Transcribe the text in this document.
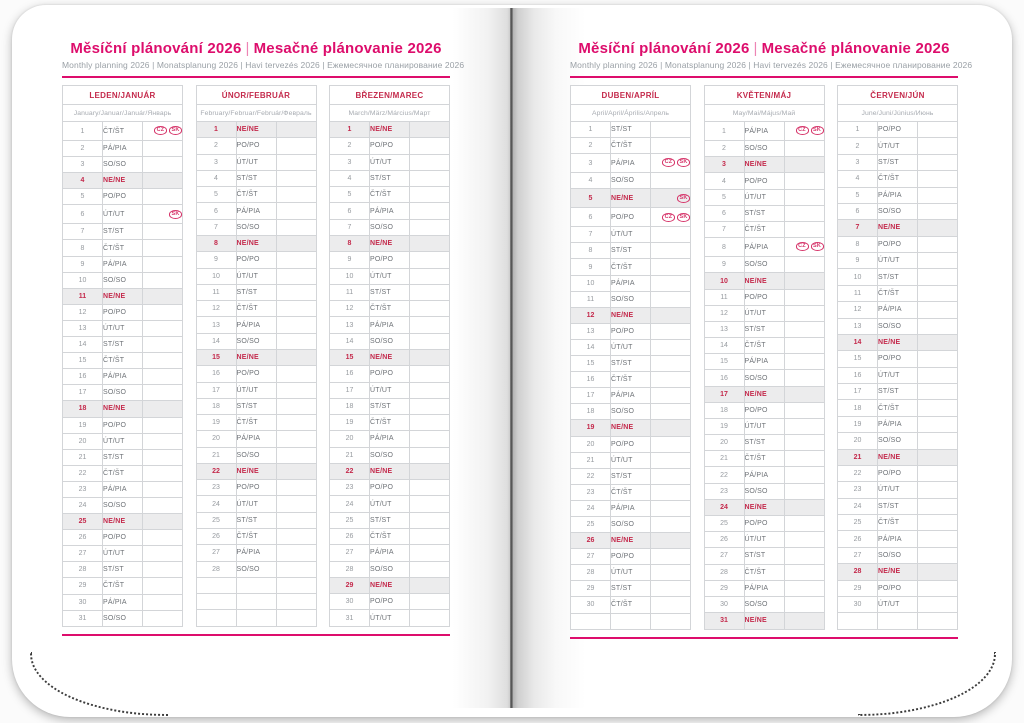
Měsíční plánování 2026 | Mesačné plánovanie 2026

Monthly planning 2026 | Monatsplanung 2026 | Havi tervezés 2026 | Ежемесячное планирование 2026

LEDEN/JANUÁR		
January/Januar/Január/Январь		
1	ČT/ŠT	CZ SK
2	PÁ/PIA	
3	SO/SO	
4	NE/NE	
5	PO/PO	
6	ÚT/UT	SK
7	ST/ST	
8	ČT/ŠT	
9	PÁ/PIA	
10	SO/SO	
11	NE/NE	
12	PO/PO	
13	ÚT/UT	
14	ST/ST	
15	ČT/ŠT	
16	PÁ/PIA	
17	SO/SO	
18	NE/NE	
19	PO/PO	
20	ÚT/UT	
21	ST/ST	
22	ČT/ŠT	
23	PÁ/PIA	
24	SO/SO	
25	NE/NE	
26	PO/PO	
27	ÚT/UT	
28	ST/ST	
29	ČT/ŠT	
30	PÁ/PIA	
31	SO/SO	
ÚNOR/FEBRUÁR		
February/Februar/Február/Февраль		
1	NE/NE	
2	PO/PO	
3	ÚT/UT	
4	ST/ST	
5	ČT/ŠT	
6	PÁ/PIA	
7	SO/SO	
8	NE/NE	
9	PO/PO	
10	ÚT/UT	
11	ST/ST	
12	ČT/ŠT	
13	PÁ/PIA	
14	SO/SO	
15	NE/NE	
16	PO/PO	
17	ÚT/UT	
18	ST/ST	
19	ČT/ŠT	
20	PÁ/PIA	
21	SO/SO	
22	NE/NE	
23	PO/PO	
24	ÚT/UT	
25	ST/ST	
26	ČT/ŠT	
27	PÁ/PIA	
28	SO/SO	

BŘEZEN/MAREC		
March/März/Március/Март		
1	NE/NE	
2	PO/PO	
3	ÚT/UT	
4	ST/ST	
5	ČT/ŠT	
6	PÁ/PIA	
7	SO/SO	
8	NE/NE	
9	PO/PO	
10	ÚT/UT	
11	ST/ST	
12	ČT/ŠT	
13	PÁ/PIA	
14	SO/SO	
15	NE/NE	
16	PO/PO	
17	ÚT/UT	
18	ST/ST	
19	ČT/ŠT	
20	PÁ/PIA	
21	SO/SO	
22	NE/NE	
23	PO/PO	
24	ÚT/UT	
25	ST/ST	
26	ČT/ŠT	
27	PÁ/PIA	
28	SO/SO	
29	NE/NE	
30	PO/PO	
31	ÚT/UT	
Měsíční plánování 2026 | Mesačné plánovanie 2026

Monthly planning 2026 | Monatsplanung 2026 | Havi tervezés 2026 | Ежемесячное планирование 2026

DUBEN/APRÍL		
April/April/Április/Апрель		
1	ST/ST	
2	ČT/ŠT	
3	PÁ/PIA	CZ SK
4	SO/SO	
5	NE/NE	SK
6	PO/PO	CZ SK
7	ÚT/UT	
8	ST/ST	
9	ČT/ŠT	
10	PÁ/PIA	
11	SO/SO	
12	NE/NE	
13	PO/PO	
14	ÚT/UT	
15	ST/ST	
16	ČT/ŠT	
17	PÁ/PIA	
18	SO/SO	
19	NE/NE	
20	PO/PO	
21	ÚT/UT	
22	ST/ST	
23	ČT/ŠT	
24	PÁ/PIA	
25	SO/SO	
26	NE/NE	
27	PO/PO	
28	ÚT/UT	
29	ST/ST	
30	ČT/ŠT	

KVĚTEN/MÁJ		
May/Mai/Május/Май		
1	PÁ/PIA	CZ SK
2	SO/SO	
3	NE/NE	
4	PO/PO	
5	ÚT/UT	
6	ST/ST	
7	ČT/ŠT	
8	PÁ/PIA	CZ SK
9	SO/SO	
10	NE/NE	
11	PO/PO	
12	ÚT/UT	
13	ST/ST	
14	ČT/ŠT	
15	PÁ/PIA	
16	SO/SO	
17	NE/NE	
18	PO/PO	
19	ÚT/UT	
20	ST/ST	
21	ČT/ŠT	
22	PÁ/PIA	
23	SO/SO	
24	NE/NE	
25	PO/PO	
26	ÚT/UT	
27	ST/ST	
28	ČT/ŠT	
29	PÁ/PIA	
30	SO/SO	
31	NE/NE	
ČERVEN/JÚN		
June/Juni/Június/Июнь		
1	PO/PO	
2	ÚT/UT	
3	ST/ST	
4	ČT/ŠT	
5	PÁ/PIA	
6	SO/SO	
7	NE/NE	
8	PO/PO	
9	ÚT/UT	
10	ST/ST	
11	ČT/ŠT	
12	PÁ/PIA	
13	SO/SO	
14	NE/NE	
15	PO/PO	
16	ÚT/UT	
17	ST/ST	
18	ČT/ŠT	
19	PÁ/PIA	
20	SO/SO	
21	NE/NE	
22	PO/PO	
23	ÚT/UT	
24	ST/ST	
25	ČT/ŠT	
26	PÁ/PIA	
27	SO/SO	
28	NE/NE	
29	PO/PO	
30	ÚT/UT	
